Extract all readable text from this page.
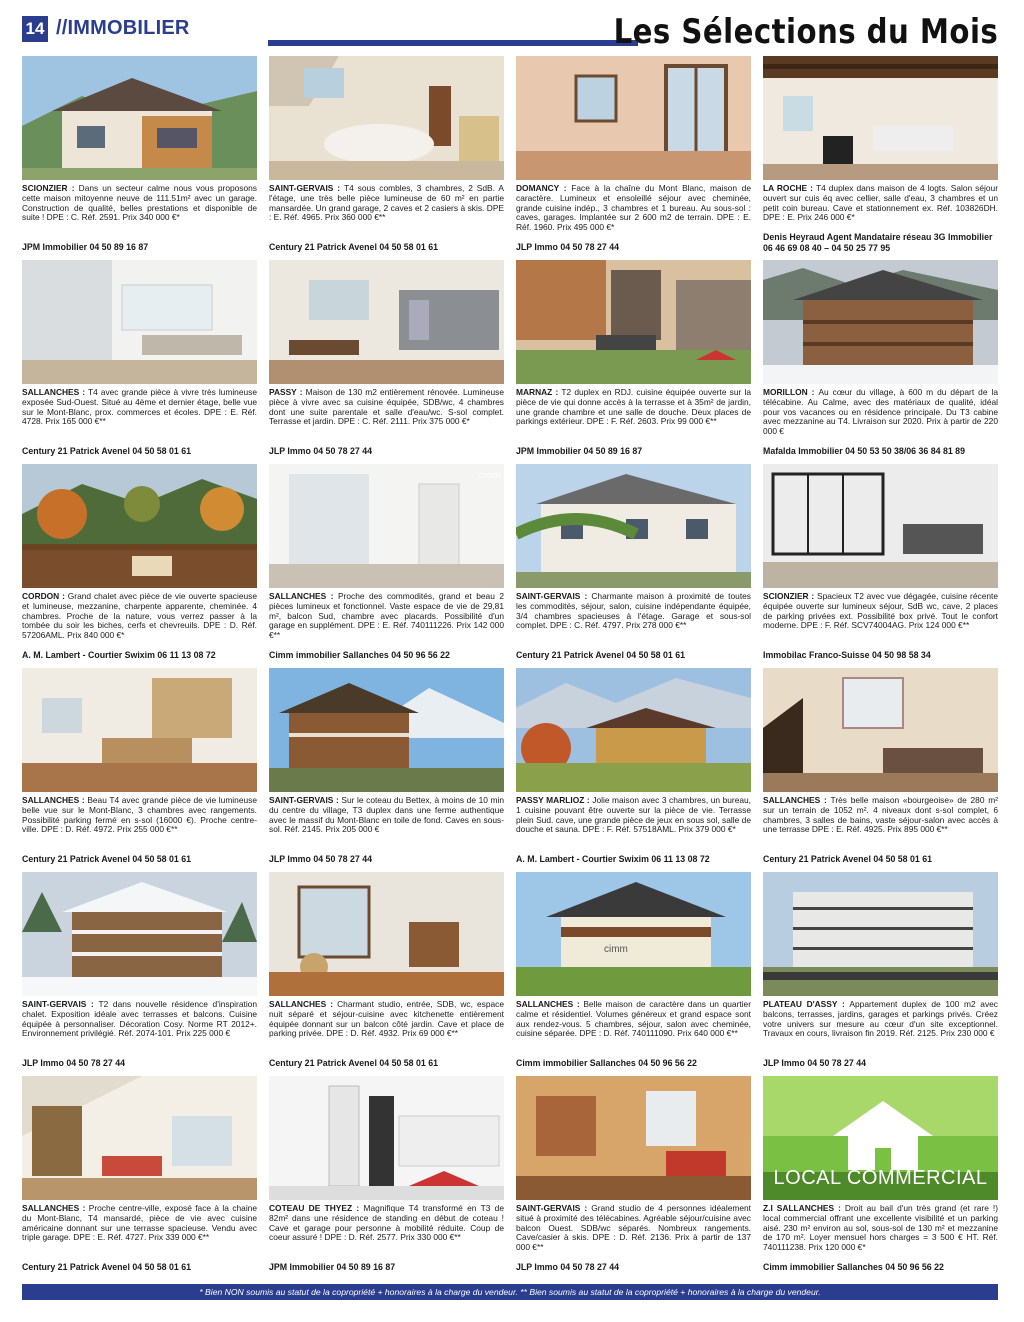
14 //IMMOBILIER	Les Sélections du Mois
SCIONZIER : Dans un secteur calme nous vous proposons cette maison mitoyenne neuve de 111.51m² avec un garage. Construction de qualité, belles prestations et disponible de suite ! DPE : C. Réf. 2591. Prix 340 000 €*
JPM Immobilier 04 50 89 16 87
SAINT-GERVAIS : T4 sous combles, 3 chambres, 2 SdB. A l'étage, une très belle pièce lumineuse de 60 m² en partie mansardée. Un grand garage, 2 caves et 2 casiers à skis. DPE : E. Réf. 4965. Prix 360 000 €**
Century 21 Patrick Avenel 04 50 58 01 61
DOMANCY : Face à la chaîne du Mont Blanc, maison de caractère. Lumineux et ensoleillé séjour avec cheminée, grande cuisine indép., 3 chambres et 1 bureau. Au sous-sol : caves, garages. Implantée sur 2 600 m2 de terrain. DPE : E. Réf. 1960. Prix 495 000 €*
JLP Immo 04 50 78 27 44
LA ROCHE : T4 duplex dans maison de 4 logts. Salon séjour ouvert sur cuis éq avec cellier, salle d'eau, 3 chambres et un petit coin bureau. Cave et stationnement ex. Réf. 103826DH. DPE : E. Prix 246 000 €*
Denis Heyraud Agent Mandataire réseau 3G Immobilier 06 46 69 08 40 – 04 50 25 77 95
SALLANCHES : T4 avec grande pièce à vivre très lumineuse exposée Sud-Ouest. Situé au 4ème et dernier étage, belle vue sur le Mont-Blanc, prox. commerces et écoles. DPE : E. Réf. 4728. Prix 165 000 €**
Century 21 Patrick Avenel 04 50 58 01 61
PASSY : Maison de 130 m2 entièrement rénovée. Lumineuse pièce à vivre avec sa cuisine équipée, SDB/wc, 4 chambres dont une suite parentale et salle d'eau/wc. S-sol complet. Terrasse et jardin. DPE : C. Réf. 2111. Prix 375 000 €*
JLP Immo 04 50 78 27 44
MARNAZ : T2 duplex en RDJ. cuisine équipée ouverte sur la pièce de vie qui donne accès à la terrasse et à 35m² de jardin, une grande chambre et une salle de douche. Deux places de parkings extérieur. DPE : F. Réf. 2603. Prix 99 000 €**
JPM Immobilier 04 50 89 16 87
MORILLON : Au cœur du village, à 600 m du départ de la télécabine. Au Calme, avec des matériaux de qualité, idéal pour vos vacances ou en résidence principale. Du T3 cabine avec mezzanine au T4. Livraison sur 2020. Prix à partir de 220 000 €
Mafalda Immobilier 04 50 53 50 38/06 36 84 81 89
CORDON : Grand chalet avec pièce de vie ouverte spacieuse et lumineuse, mezzanine, charpente apparente, cheminée. 4 chambres. Proche de la nature, vous verrez passer à la tombée du soir les biches, cerfs et chevreuils. DPE : D. Réf. 57206AML. Prix 840 000 €*
A. M. Lambert - Courtier Swixim 06 11 13 08 72
cimm
SALLANCHES : Proche des commodités, grand et beau 2 pièces lumineux et fonctionnel. Vaste espace de vie de 29,81 m², balcon Sud, chambre avec placards. Possibilité d'un garage en supplément. DPE : E. Réf. 740111226. Prix 142 000 €**
Cimm immobilier Sallanches 04 50 96 56 22
SAINT-GERVAIS : Charmante maison à proximité de toutes les commodités, séjour, salon, cuisine indépendante équipée, 3/4 chambres spacieuses à l'étage. Garage et sous-sol complet. DPE : C. Réf. 4797. Prix 278 000 €**
Century 21 Patrick Avenel 04 50 58 01 61
SCIONZIER : Spacieux T2 avec vue dégagée, cuisine récente équipée ouverte sur lumineux séjour, SdB wc, cave, 2 places de parking privées ext. Possibilité box privé. Tout le confort moderne. DPE : F. Réf. SCV74004AG. Prix 124 000 €**
Immobilac Franco-Suisse 04 50 98 58 34
SALLANCHES : Beau T4 avec grande pièce de vie lumineuse belle vue sur le Mont-Blanc, 3 chambres avec rangements. Possibilité parking fermé en s-sol (16000 €). Proche centre-ville. DPE : D. Réf. 4972. Prix 255 000 €**
Century 21 Patrick Avenel 04 50 58 01 61
SAINT-GERVAIS : Sur le coteau du Bettex, à moins de 10 min du centre du village, T3 duplex dans une ferme authentique avec le massif du Mont-Blanc en toile de fond. Caves en sous-sol. Réf. 2145. Prix 205 000 €
JLP Immo 04 50 78 27 44
PASSY MARLIOZ : Jolie maison avec 3 chambres, un bureau, 1 cuisine pouvant être ouverte sur la pièce de vie. Terrasse plein Sud. cave, une grande pièce de jeux en sous sol, salle de douche et sauna. DPE : F. Réf. 57518AML. Prix 379 000 €*
A. M. Lambert - Courtier Swixim 06 11 13 08 72
SALLANCHES : Très belle maison «bourgeoise» de 280 m² sur un terrain de 1052 m². 4 niveaux dont s-sol complet, 6 chambres, 3 salles de bains, vaste séjour-salon avec accès à une terrasse DPE : E. Réf. 4925. Prix 895 000 €**
Century 21 Patrick Avenel 04 50 58 01 61
SAINT-GERVAIS : T2 dans nouvelle résidence d'inspiration chalet. Exposition idéale avec terrasses et balcons. Cuisine équipée à personnaliser. Décoration Cosy. Norme RT 2012+. Environnement privilégié. Réf. 2074-101. Prix 225 000 €
JLP Immo 04 50 78 27 44
SALLANCHES : Charmant studio, entrée, SDB, wc, espace nuit séparé et séjour-cuisine avec kitchenette entièrement équipée donnant sur un balcon côté jardin. Cave et place de parking privée. DPE : D. Réf. 4932. Prix 69 000 €**
Century 21 Patrick Avenel 04 50 58 01 61
cimm
SALLANCHES : Belle maison de caractère dans un quartier calme et résidentiel. Volumes généreux et grand espace sont aux rendez-vous. 5 chambres, séjour, salon avec cheminée, cuisine séparée. DPE : D. Réf. 740111090. Prix 640 000 €**
Cimm immobilier Sallanches 04 50 96 56 22
PLATEAU D'ASSY : Appartement duplex de 100 m2 avec balcons, terrasses, jardins, garages et parkings privés. Créez votre univers sur mesure au cœur d'un site exceptionnel. Travaux en cours, livraison fin 2019. Réf. 2125. Prix 230 000 €
JLP Immo 04 50 78 27 44
SALLANCHES : Proche centre-ville, exposé face à la chaine du Mont-Blanc, T4 mansardé, pièce de vie avec cuisine américaine donnant sur une terrasse spacieuse. Vendu avec triple garage. DPE : E. Réf. 4727. Prix 339 000 €**
Century 21 Patrick Avenel 04 50 58 01 61
COTEAU DE THYEZ : Magnifique T4 transformé en T3 de 82m² dans une résidence de standing en début de coteau ! Cave et garage pour personne à mobilité réduite. Coup de coeur assuré ! DPE : D. Réf. 2577. Prix 330 000 €**
JPM Immobilier 04 50 89 16 87
SAINT-GERVAIS : Grand studio de 4 personnes idéalement situé à proximité des télécabines. Agréable séjour/cuisine avec balcon Ouest. SDB/wc séparés. Nombreux rangements. Cave/casier à skis. DPE : D. Réf. 2136. Prix à partir de 137 000 €**
JLP Immo 04 50 78 27 44
LOCAL COMMERCIAL
Z.I SALLANCHES : Droit au bail d'un très grand (et rare !) local commercial offrant une excellente visibilité et un parking aisé. 230 m² environ au sol, sous-sol de 130 m² et mezzanine de 170 m². Loyer mensuel hors charges = 3 500 € HT. Réf. 740111238. Prix 120 000 €*
Cimm immobilier Sallanches 04 50 96 56 22
* Bien NON soumis au statut de la copropriété + honoraires à la charge du vendeur. ** Bien soumis au statut de la copropriété + honoraires à la charge du vendeur.
